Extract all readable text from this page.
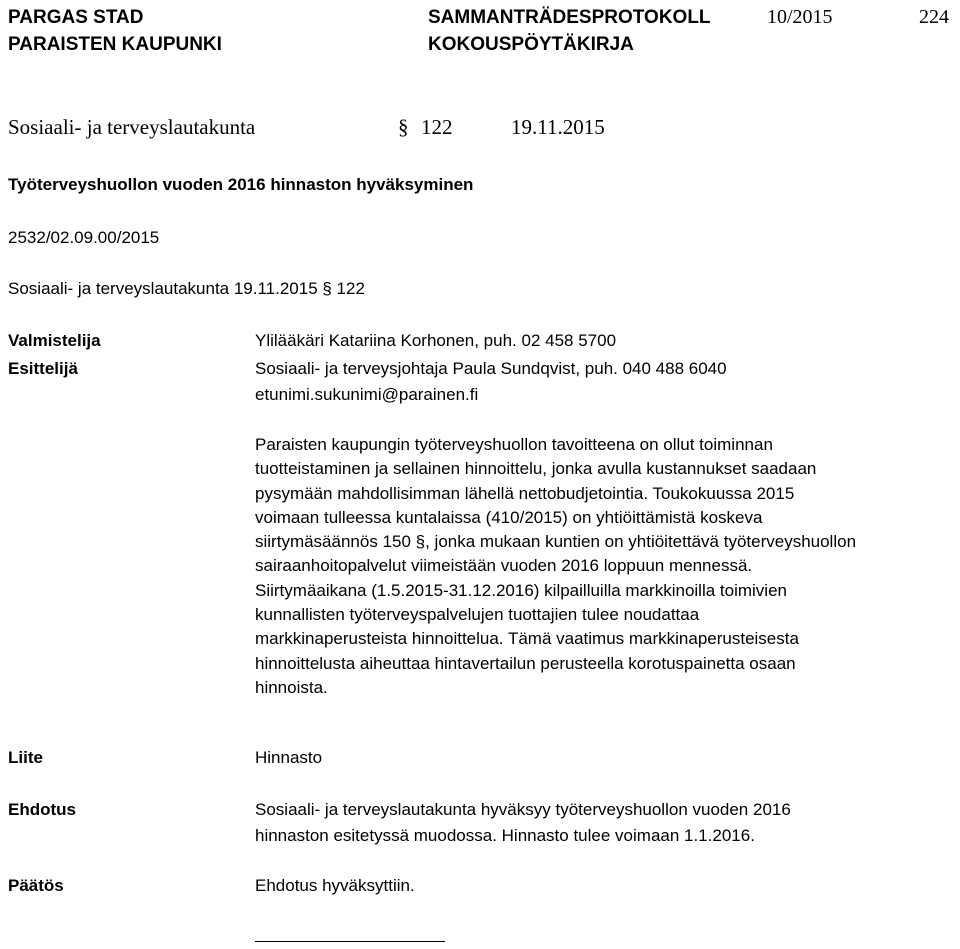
PARGAS STAD
PARAISTEN KAUPUNKI
SAMMANTRÄDESPROTOKOLL
KOKOUSPÖYTÄKIRJA
10/2015	224
Sosiaali- ja terveyslautakunta	§ 122	19.11.2015
Työterveyshuollon vuoden 2016 hinnaston hyväksyminen
2532/02.09.00/2015
Sosiaali- ja terveyslautakunta 19.11.2015 § 122
Valmistelija	Ylilääkäri Katariina Korhonen, puh. 02 458 5700
Esittelijä	Sosiaali- ja terveysjohtaja Paula Sundqvist, puh. 040 488 6040
etunimi.sukunimi@parainen.fi
Paraisten kaupungin työterveyshuollon tavoitteena on ollut toiminnan
tuotteistaminen ja sellainen hinnoittelu, jonka avulla kustannukset saadaan
pysymään mahdollisimman lähellä nettobudjetointia. Toukokuussa 2015
voimaan tulleessa kuntalaissa (410/2015) on yhtiöittämistä koskeva
siirtymäsäännös 150 §, jonka mukaan kuntien on yhtiöitettävä työterveyshuollon
sairaanhoitopalvelut viimeistään vuoden 2016 loppuun mennessä.
Siirtymäaikana (1.5.2015-31.12.2016) kilpailluilla markkinoilla toimivien
kunnallisten työterveyspalvelujen tuottajien tulee noudattaa
markkinaperusteista hinnoittelua. Tämä vaatimus markkinaperusteisesta
hinnoittelusta aiheuttaa hintavertailun perusteella korotuspainetta osaan
hinnoista.
Liite	Hinnasto
Ehdotus	Sosiaali- ja terveyslautakunta hyväksyy työterveyshuollon vuoden 2016
hinnaston esitetyssä muodossa. Hinnasto tulee voimaan 1.1.2016.
Päätös	Ehdotus hyväksyttiin.
